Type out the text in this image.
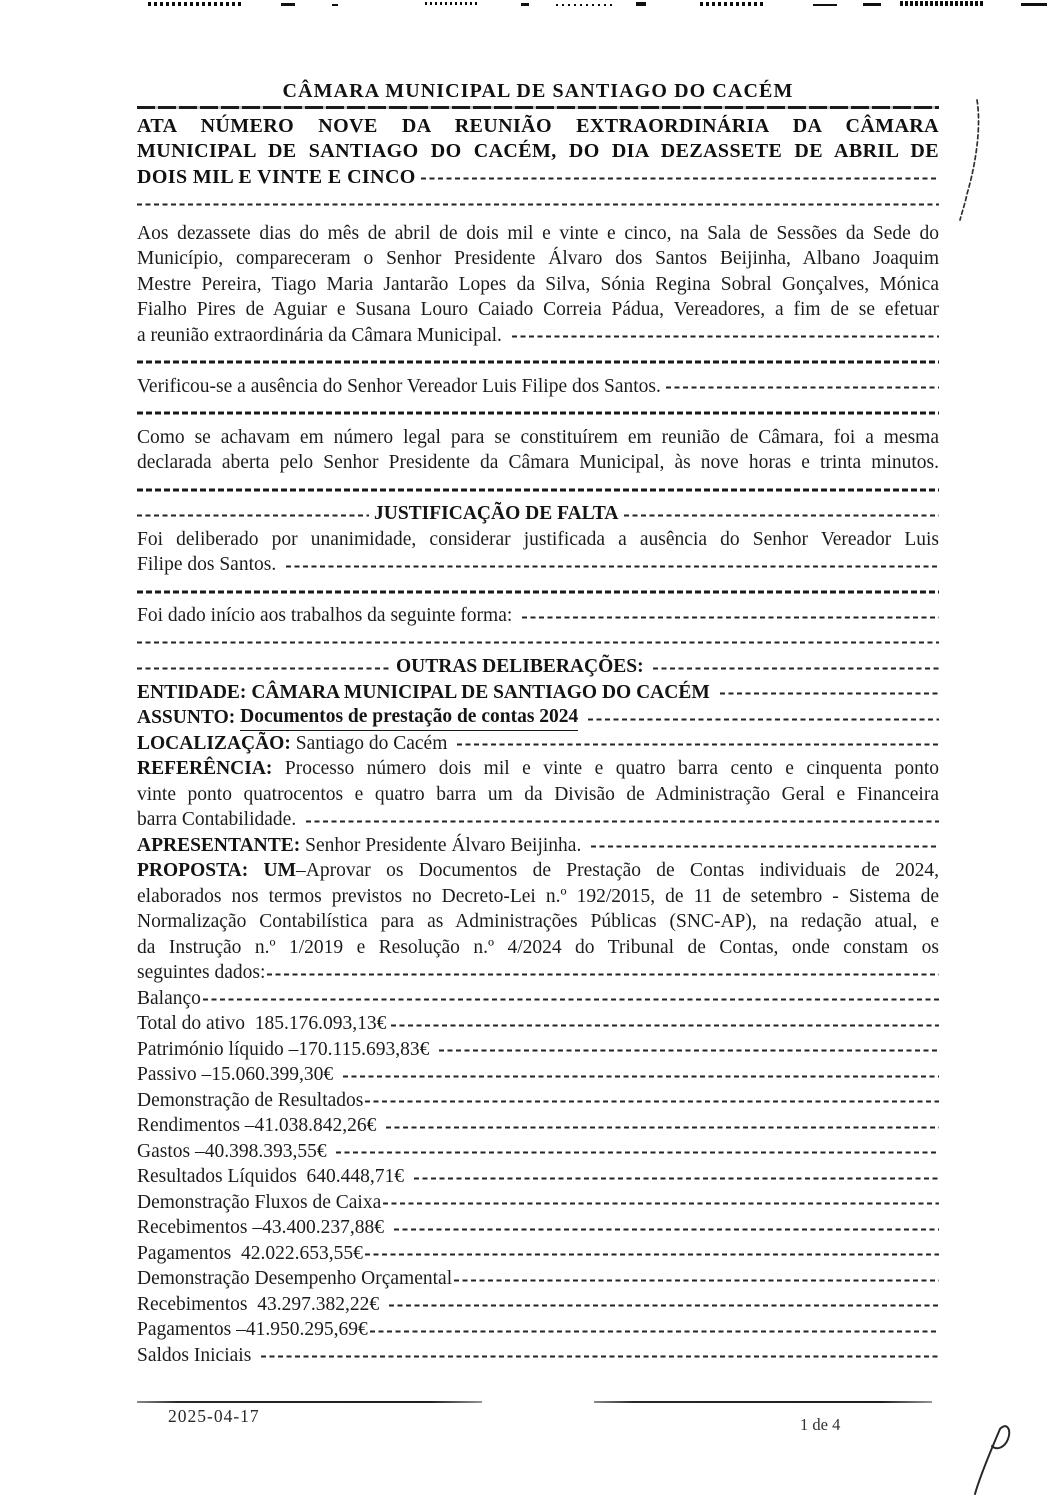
CÂMARA MUNICIPAL DE SANTIAGO DO CACÉM
ATA NÚMERO NOVE DA REUNIÃO EXTRAORDINÁRIA DA CÂMARA
MUNICIPAL DE SANTIAGO DO CACÉM, DO DIA DEZASSETE DE ABRIL DE
DOIS MIL E VINTE E CINCO
Aos dezassete dias do mês de abril de dois mil e vinte e cinco, na Sala de Sessões da Sede do
Município, compareceram o Senhor Presidente Álvaro dos Santos Beijinha, Albano Joaquim
Mestre Pereira, Tiago Maria Jantarão Lopes da Silva, Sónia Regina Sobral Gonçalves, Mónica
Fialho Pires de Aguiar e Susana Louro Caiado Correia Pádua, Vereadores, a fim de se efetuar
a reunião extraordinária da Câmara Municipal.
Verificou-se a ausência do Senhor Vereador Luis Filipe dos Santos.
Como se achavam em número legal para se constituírem em reunião de Câmara, foi a mesma
declarada aberta pelo Senhor Presidente da Câmara Municipal, às nove horas e trinta minutos.
JUSTIFICAÇÃO DE FALTA
Foi deliberado por unanimidade, considerar justificada a ausência do Senhor Vereador Luis
Filipe dos Santos.
Foi dado início aos trabalhos da seguinte forma:
OUTRAS DELIBERAÇÕES:
ENTIDADE:
CÂMARA MUNICIPAL DE SANTIAGO DO CACÉM
ASSUNTO:
Documentos de prestação de contas 2024
LOCALIZAÇÃO:
Santiago do Cacém
REFERÊNCIA: Processo número dois mil e vinte e quatro barra cento e cinquenta ponto
vinte ponto quatrocentos e quatro barra um da Divisão de Administração Geral e Financeira
barra Contabilidade.
APRESENTANTE:
Senhor Presidente Álvaro Beijinha.
PROPOSTA: UM–Aprovar os Documentos de Prestação de Contas individuais de 2024,
elaborados nos termos previstos no Decreto-Lei n.º 192/2015, de 11 de setembro - Sistema de
Normalização Contabilística para as Administrações Públicas (SNC-AP), na redação atual, e
da Instrução n.º 1/2019 e Resolução n.º 4/2024 do Tribunal de Contas, onde constam os
seguintes dados:
Balanço
Total do ativo  185.176.093,13€
Património líquido –170.115.693,83€
Passivo –15.060.399,30€
Demonstração de Resultados
Rendimentos –41.038.842,26€
Gastos –40.398.393,55€
Resultados Líquidos  640.448,71€
Demonstração Fluxos de Caixa
Recebimentos –43.400.237,88€
Pagamentos  42.022.653,55€
Demonstração Desempenho Orçamental
Recebimentos  43.297.382,22€
Pagamentos –41.950.295,69€
Saldos Iniciais
2025-04-17	1 de 4
